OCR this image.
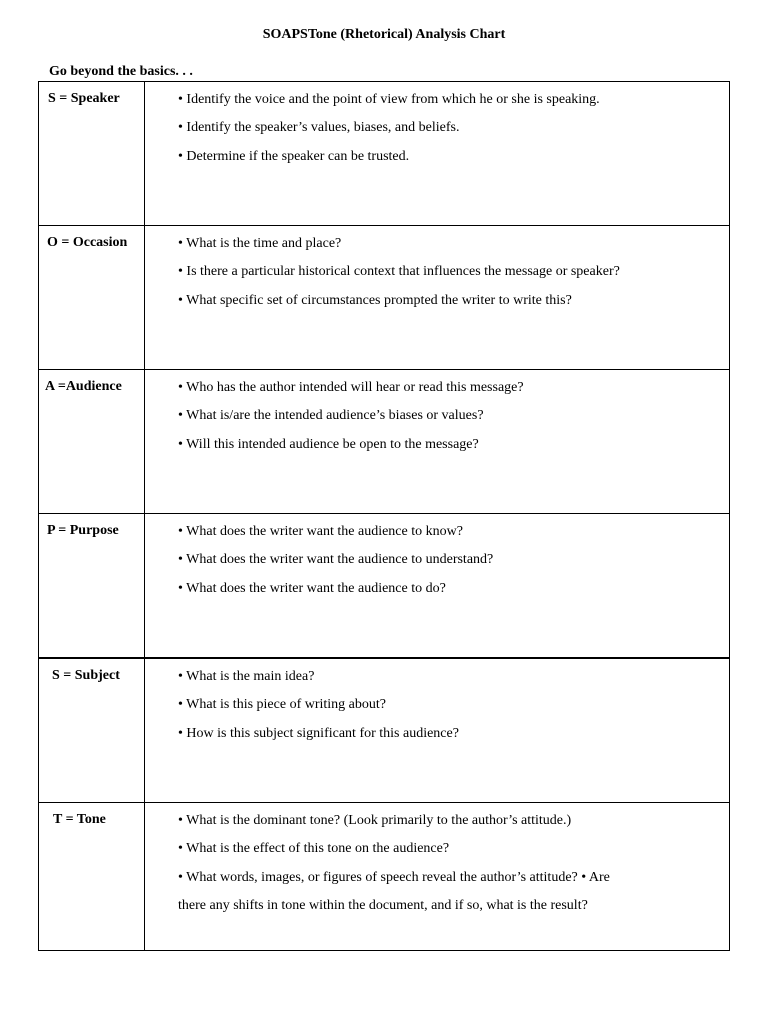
SOAPSTone (Rhetorical) Analysis Chart
Go beyond the basics. . .
S = Speaker	• Identify the voice and the point of view from which he or she is speaking.
• Identify the speaker’s values, biases, and beliefs.
• Determine if the speaker can be trusted.

O = Occasion	• What is the time and place?
• Is there a particular historical context that influences the message or speaker?
• What specific set of circumstances prompted the writer to write this?

A =Audience	• Who has the author intended will hear or read this message?
• What is/are the intended audience’s biases or values?
• Will this intended audience be open to the message?

P = Purpose	• What does the writer want the audience to know?
• What does the writer want the audience to understand?
• What does the writer want the audience to do?

S = Subject	• What is the main idea?
• What is this piece of writing about?
• How is this subject significant for this audience?

T = Tone	• What is the dominant tone? (Look primarily to the author’s attitude.)
• What is the effect of this tone on the audience?
• What words, images, or figures of speech reveal the author’s attitude? • Are
there any shifts in tone within the document, and if so, what is the result?
